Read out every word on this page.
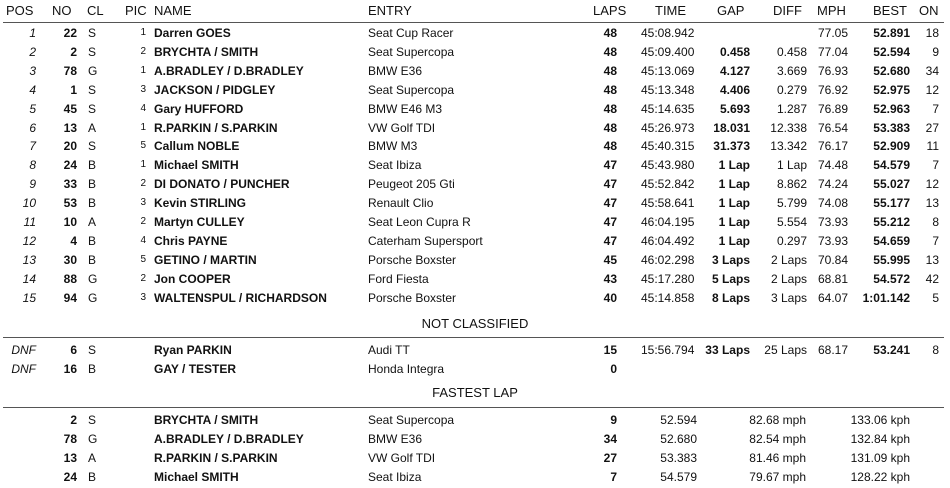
POS NO CL PIC NAME	ENTRY	LAPS TIME GAP DIFF MPH BEST ON
1 22 S	1 Darren GOES	Seat Cup Racer	48 45:08.942	77.05 52.891 18
2	2 S	2 BRYCHTA / SMITH	Seat Supercopa	48 45:09.400 0.458 0.458 77.04 52.594 9
3 78 G	1 A.BRADLEY / D.BRADLEY	BMW E36	48 45:13.069 4.127 3.669 76.93 52.680 34
4	1 S	3 JACKSON / PIDGLEY	Seat Supercopa	48 45:13.348 4.406 0.279 76.92 52.975 12
5 45 S	4 Gary HUFFORD	BMW E46 M3	48 45:14.635 5.693 1.287 76.89 52.963 7
6 13 A	1 R.PARKIN / S.PARKIN	VW Golf TDI	48 45:26.973 18.031 12.338 76.54 53.383 27
7 20 S	5 Callum NOBLE	BMW M3	48 45:40.315 31.373 13.342 76.17 52.909 11
8 24 B	1 Michael SMITH	Seat Ibiza	47 45:43.980 1 Lap 1 Lap 74.48 54.579 7
9 33 B	2 DI DONATO / PUNCHER	Peugeot 205 Gti	47 45:52.842 1 Lap 8.862 74.24 55.027 12
10 53 B	3 Kevin STIRLING	Renault Clio	47 45:58.641 1 Lap 5.799 74.08 55.177 13
11 10 A	2 Martyn CULLEY	Seat Leon Cupra R	47 46:04.195 1 Lap 5.554 73.93 55.212 8
12	4 B	4 Chris PAYNE	Caterham Supersport	47 46:04.492 1 Lap 0.297 73.93 54.659 7
13 30 B	5 GETINO / MARTIN	Porsche Boxster	45 46:02.298 3 Laps 2 Laps 70.84 55.995 13
14 88 G	2 Jon COOPER	Ford Fiesta	43 45:17.280 5 Laps 2 Laps 68.81 54.572 42
15 94 G	3 WALTENSPUL / RICHARDSON	Porsche Boxster	40 45:14.858 8 Laps 3 Laps 64.07 1:01.142 5
NOT CLASSIFIED
DNF	6 S	Ryan PARKIN	Audi TT	15 15:56.794 33 Laps 25 Laps 68.17 53.241 8
DNF 16 B	GAY / TESTER	Honda Integra	0
FASTEST LAP
2 S	BRYCHTA / SMITH	Seat Supercopa	9	52.594	82.68 mph	133.06 kph
78 G	A.BRADLEY / D.BRADLEY	BMW E36	34	52.680	82.54 mph	132.84 kph
13 A	R.PARKIN / S.PARKIN	VW Golf TDI	27	53.383	81.46 mph	131.09 kph
24 B	Michael SMITH	Seat Ibiza	7	54.579	79.67 mph	128.22 kph
